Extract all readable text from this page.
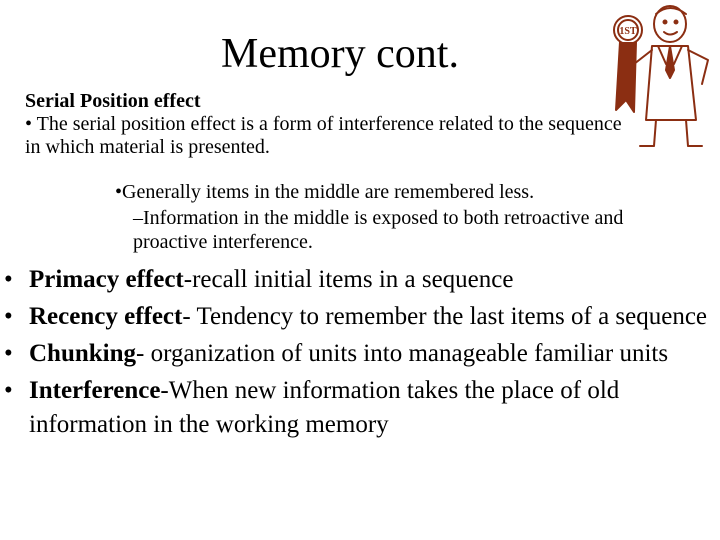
Memory cont.
Serial Position effect
• The serial position effect is a form of interference related to the sequence in which material is presented.
•Generally items in the middle are remembered less.
–Information in the middle is exposed to both retroactive and proactive interference.
• Primacy effect-recall initial items in a sequence
• Recency effect- Tendency to remember the last items of a sequence
• Chunking- organization of units into manageable familiar units
• Interference-When new information takes the place of old information in the working memory
1ST
